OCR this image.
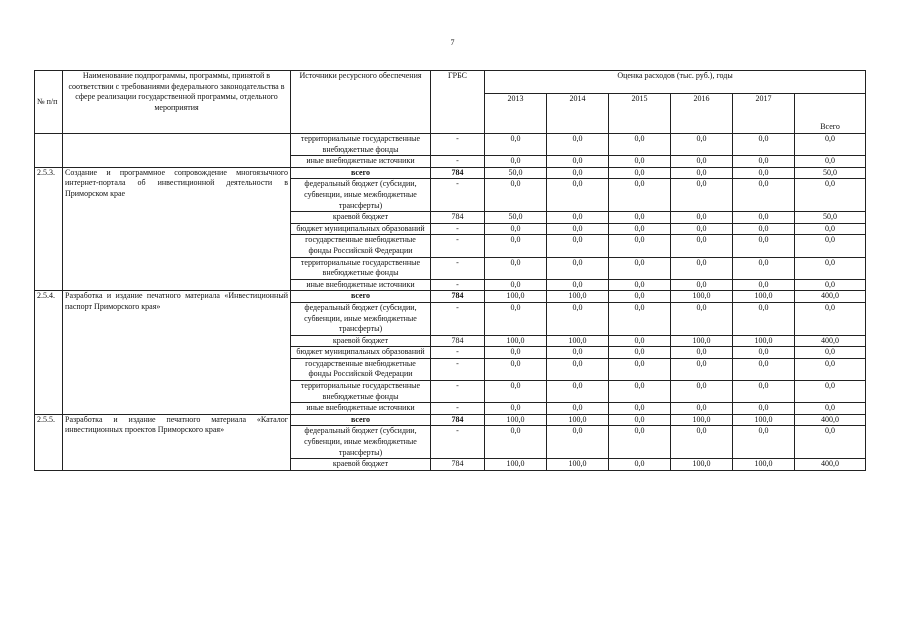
7
№ п/п	Наименование подпрограммы, программы, принятой в соответствии с требованиями федерального законодательства в сфере реализации государственной программы, отдельного мероприятия	Источники ресурсного обеспечения	ГРБС	Оценка расходов (тыс. руб.), годы					
				2013	2014	2015	2016	2017	Всего
		территориальные государственные внебюджетные фонды	-	0,0	0,0	0,0	0,0	0,0	0,0
		иные внебюджетные источники	-	0,0	0,0	0,0	0,0	0,0	0,0
2.5.3.	Создание и программное сопровождение многоязычного интернет-портала об инвестиционной деятельности в Приморском крае	всего	784	50,0	0,0	0,0	0,0	0,0	50,0
		федеральный бюджет (субсидии, субвенции, иные межбюджетные трансферты)	-	0,0	0,0	0,0	0,0	0,0	0,0
		краевой бюджет	784	50,0	0,0	0,0	0,0	0,0	50,0
		бюджет муниципальных образований	-	0,0	0,0	0,0	0,0	0,0	0,0
		государственные внебюджетные фонды Российской Федерации	-	0,0	0,0	0,0	0,0	0,0	0,0
		территориальные государственные внебюджетные фонды	-	0,0	0,0	0,0	0,0	0,0	0,0
		иные внебюджетные источники	-	0,0	0,0	0,0	0,0	0,0	0,0
2.5.4.	Разработка и издание печатного материала «Инвестиционный паспорт Приморского края»	всего	784	100,0	100,0	0,0	100,0	100,0	400,0
		федеральный бюджет (субсидии, субвенции, иные межбюджетные трансферты)	-	0,0	0,0	0,0	0,0	0,0	0,0
		краевой бюджет	784	100,0	100,0	0,0	100,0	100,0	400,0
		бюджет муниципальных образований	-	0,0	0,0	0,0	0,0	0,0	0,0
		государственные внебюджетные фонды Российской Федерации	-	0,0	0,0	0,0	0,0	0,0	0,0
		территориальные государственные внебюджетные фонды	-	0,0	0,0	0,0	0,0	0,0	0,0
		иные внебюджетные источники	-	0,0	0,0	0,0	0,0	0,0	0,0
2.5.5.	Разработка и издание печатного материала «Каталог инвестиционных проектов Приморского края»	всего	784	100,0	100,0	0,0	100,0	100,0	400,0
		федеральный бюджет (субсидии, субвенции, иные межбюджетные трансферты)	-	0,0	0,0	0,0	0,0	0,0	0,0
		краевой бюджет	784	100,0	100,0	0,0	100,0	100,0	400,0
